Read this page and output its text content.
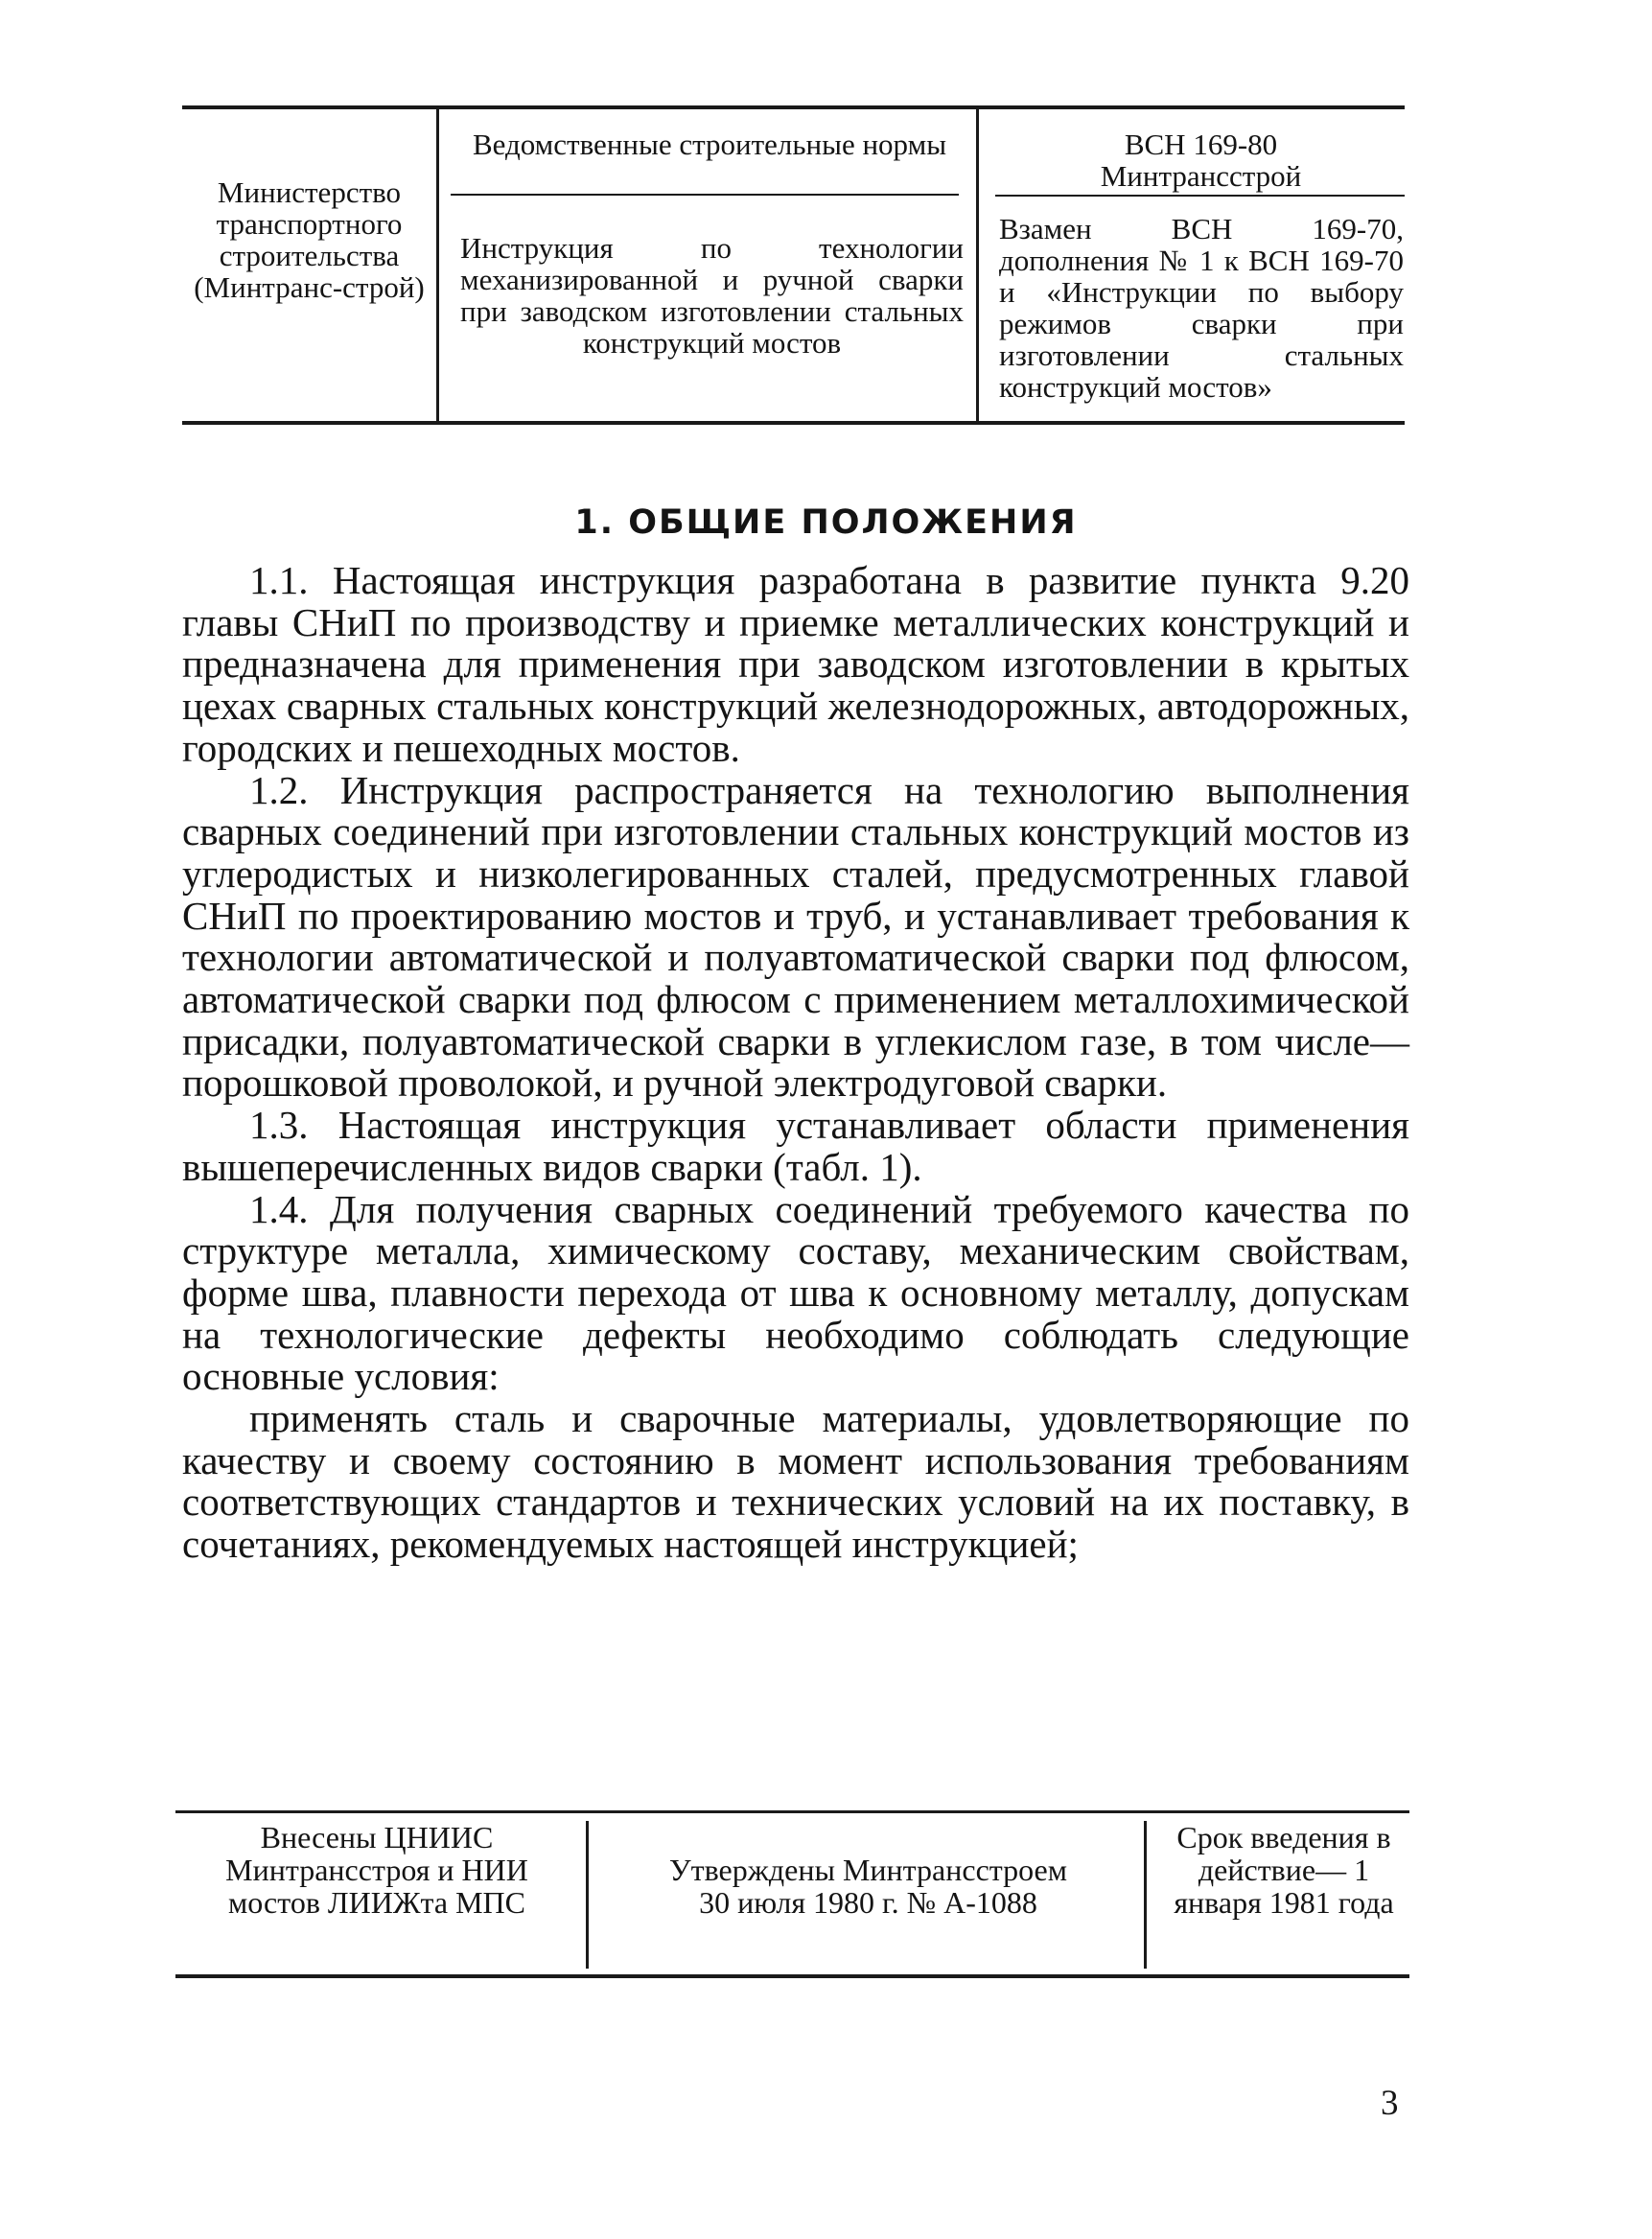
Министерство транспортного строительства (Минтранс-строй)
Ведомственные строительные нормы
Инструкция по технологии механизированной и ручной сварки при заводском изготовлении стальных конструкций мостов
ВСН 169-80
Минтрансстрой
Взамен ВСН 169-70, дополнения № 1 к ВСН 169-70 и «Инструкции по выбору режимов сварки при изготовлении стальных конструкций мостов»
1. ОБЩИЕ ПОЛОЖЕНИЯ

1.1. Настоящая инструкция разработана в развитие пункта 9.20 главы СНиП по производству и приемке металлических конструкций и предназначена для применения при заводском изготовлении в крытых цехах сварных стальных конструкций железнодорожных, автодорожных, городских и пешеходных мостов.

1.2. Инструкция распространяется на технологию выполнения сварных соединений при изготовлении стальных конструкций мостов из углеродистых и низколегированных сталей, предусмотренных главой СНиП по проектированию мостов и труб, и устанавливает требования к технологии автоматической и полуавтоматической сварки под флюсом, автоматической сварки под флюсом с применением металлохимической присадки, полуавтоматической сварки в углекислом газе, в том числе—порошковой проволокой, и ручной электродуговой сварки.

1.3. Настоящая инструкция устанавливает области применения вышеперечисленных видов сварки (табл. 1).

1.4. Для получения сварных соединений требуемого качества по структуре металла, химическому составу, механическим свойствам, форме шва, плавности перехода от шва к основному металлу, допускам на технологические дефекты необходимо соблюдать следующие основные условия:

применять сталь и сварочные материалы, удовлетворяющие по качеству и своему состоянию в момент использования требованиям соответствующих стандартов и технических условий на их поставку, в сочетаниях, рекомендуемых настоящей инструкцией;

Внесены ЦНИИС Минтрансстроя и НИИ мостов ЛИИЖта МПС
Утверждены Минтрансстроем
30 июля 1980 г. № А-1088
Срок введения в действие— 1 января 1981 года
3
